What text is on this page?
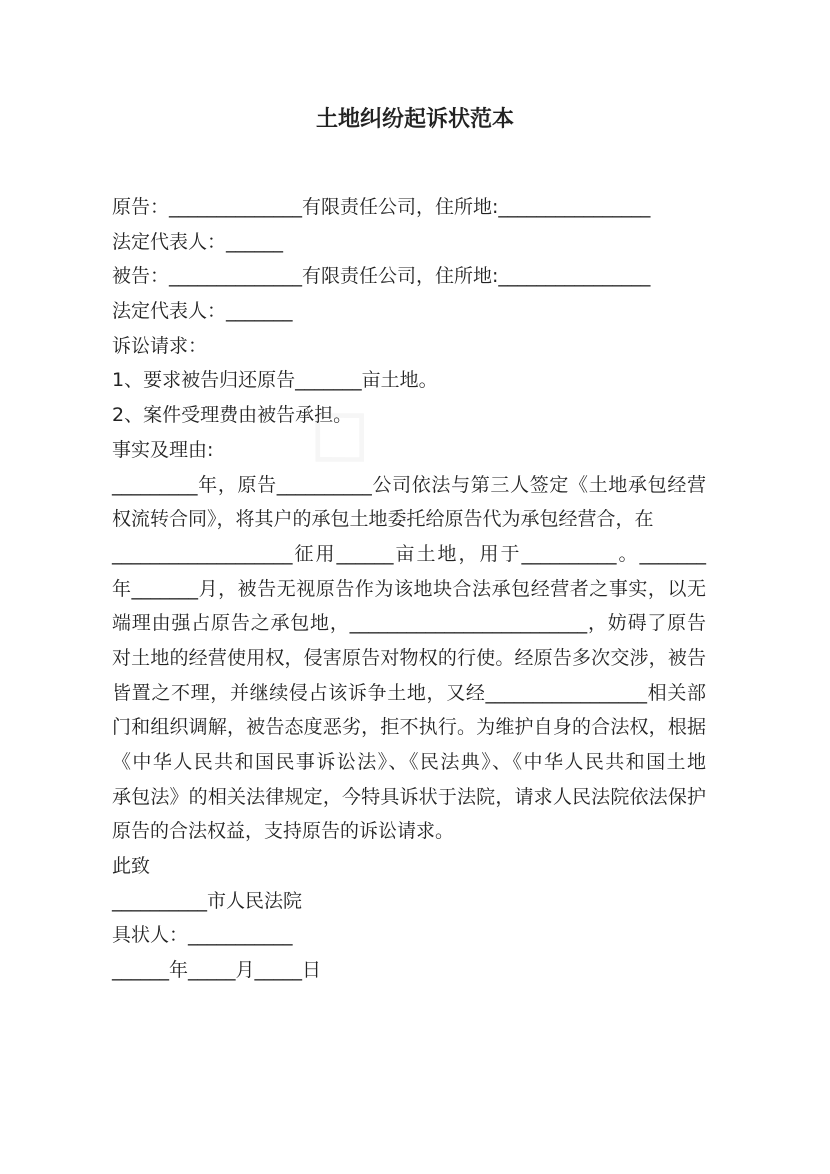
土地纠纷起诉状范本
原告：______________有限责任公司，住所地:________________
法定代表人：______
被告：______________有限责任公司，住所地:________________
法定代表人：_______
诉讼请求：
1、要求被告归还原告_______亩土地。
2、案件受理费由被告承担。
事实及理由:
_________年，原告__________公司依法与第三人签定《土地承包经营
权流转合同》，将其户的承包土地委托给原告代为承包经营合，在
___________________征用______亩土地，用于__________。_______
年_______月，被告无视原告作为该地块合法承包经营者之事实，以无
端理由强占原告之承包地，_________________________，妨碍了原告
对土地的经营使用权，侵害原告对物权的行使。经原告多次交涉，被告
皆置之不理，并继续侵占该诉争土地，又经_________________相关部
门和组织调解，被告态度恶劣，拒不执行。为维护自身的合法权，根据
《中华人民共和国民事诉讼法》、《民法典》、《中华人民共和国土地
承包法》的相关法律规定，今特具诉状于法院，请求人民法院依法保护
原告的合法权益，支持原告的诉讼请求。
此致
__________市人民法院
具状人：___________
______年_____月_____日
